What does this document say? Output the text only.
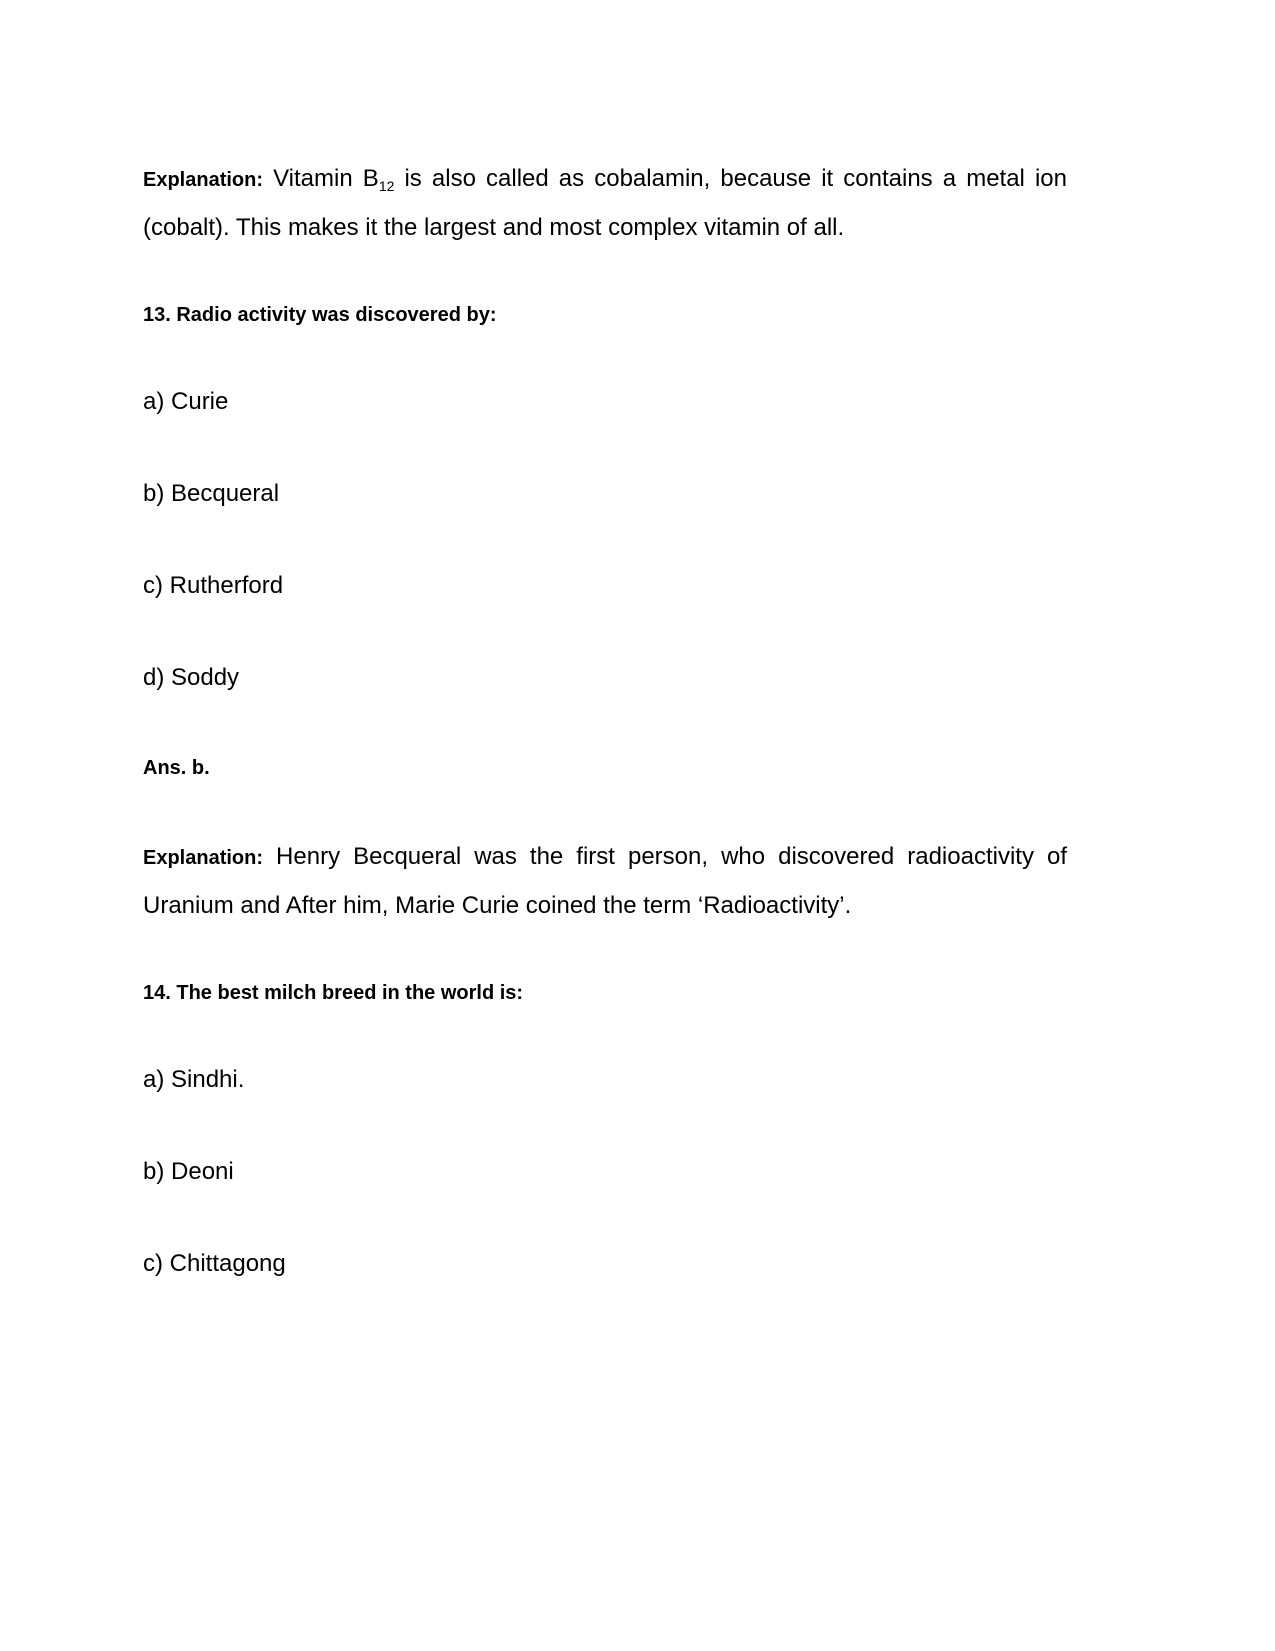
Explanation: Vitamin $B_{12}$ is also called as cobalamin, because it contains a metal ion (cobalt). This makes it the largest and most complex vitamin of all.
13. Radio activity was discovered by:
a) Curie
b) Becqueral
c) Rutherford
d) Soddy
Ans. b.
Explanation: Henry Becqueral was the first person, who discovered radioactivity of Uranium and After him, Marie Curie coined the term ‘Radioactivity’.
14. The best milch breed in the world is:
a) Sindhi.
b) Deoni
c) Chittagong
